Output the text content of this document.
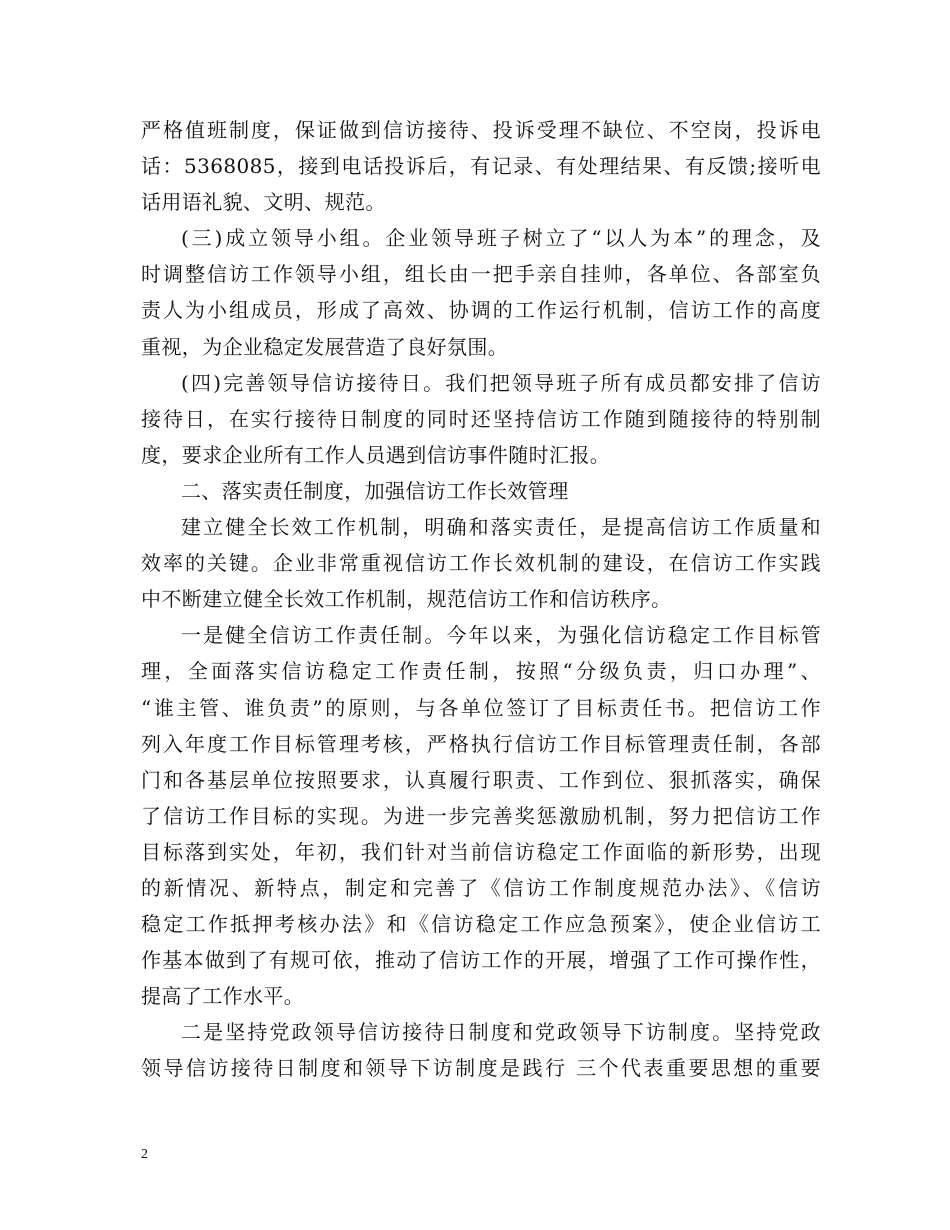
严格值班制度，保证做到信访接待、投诉受理不缺位、不空岗，投诉电
话：5368085，接到电话投诉后，有记录、有处理结果、有反馈;接听电
话用语礼貌、文明、规范。
(三)成立领导小组。企业领导班子树立了“以人为本”的理念，及
时调整信访工作领导小组，组长由一把手亲自挂帅，各单位、各部室负
责人为小组成员，形成了高效、协调的工作运行机制，信访工作的高度
重视，为企业稳定发展营造了良好氛围。
(四)完善领导信访接待日。我们把领导班子所有成员都安排了信访
接待日，在实行接待日制度的同时还坚持信访工作随到随接待的特别制
度，要求企业所有工作人员遇到信访事件随时汇报。
二、落实责任制度，加强信访工作长效管理
建立健全长效工作机制，明确和落实责任，是提高信访工作质量和
效率的关键。企业非常重视信访工作长效机制的建设，在信访工作实践
中不断建立健全长效工作机制，规范信访工作和信访秩序。
一是健全信访工作责任制。今年以来，为强化信访稳定工作目标管
理，全面落实信访稳定工作责任制，按照“分级负责，归口办理”、
“谁主管、谁负责”的原则，与各单位签订了目标责任书。把信访工作
列入年度工作目标管理考核，严格执行信访工作目标管理责任制，各部
门和各基层单位按照要求，认真履行职责、工作到位、狠抓落实，确保
了信访工作目标的实现。为进一步完善奖惩激励机制，努力把信访工作
目标落到实处，年初，我们针对当前信访稳定工作面临的新形势，出现
的新情况、新特点，制定和完善了《信访工作制度规范办法》、《信访
稳定工作抵押考核办法》和《信访稳定工作应急预案》，使企业信访工
作基本做到了有规可依，推动了信访工作的开展，增强了工作可操作性，
提高了工作水平。
二是坚持党政领导信访接待日制度和党政领导下访制度。坚持党政
领导信访接待日制度和领导下访制度是践行 三个代表重要思想的重要
2
